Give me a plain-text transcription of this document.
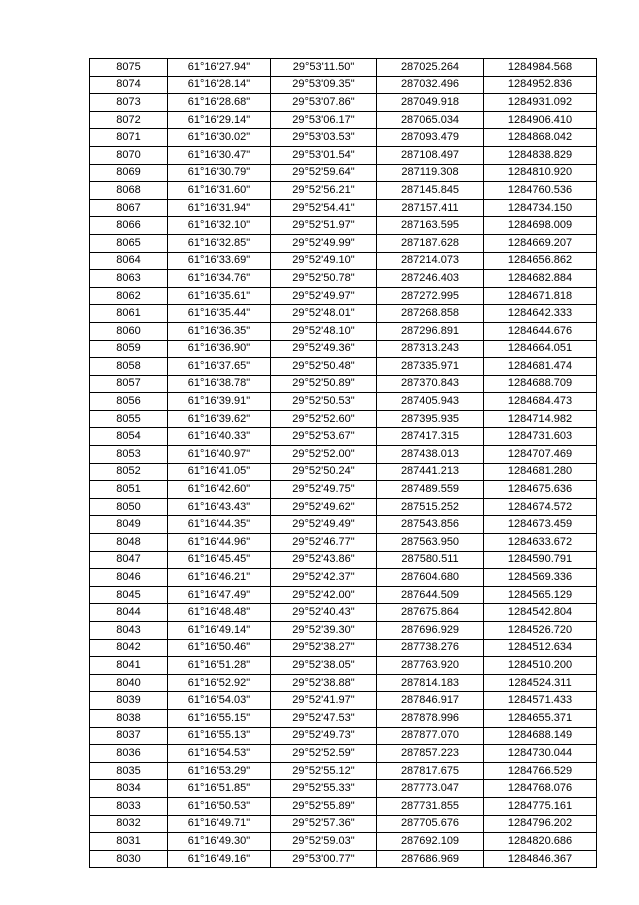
8075	61°16'27.94"	29°53'11.50"	287025.264	1284984.568
8074	61°16'28.14"	29°53'09.35"	287032.496	1284952.836
8073	61°16'28.68"	29°53'07.86"	287049.918	1284931.092
8072	61°16'29.14"	29°53'06.17"	287065.034	1284906.410
8071	61°16'30.02"	29°53'03.53"	287093.479	1284868.042
8070	61°16'30.47"	29°53'01.54"	287108.497	1284838.829
8069	61°16'30.79"	29°52'59.64"	287119.308	1284810.920
8068	61°16'31.60"	29°52'56.21"	287145.845	1284760.536
8067	61°16'31.94"	29°52'54.41"	287157.411	1284734.150
8066	61°16'32.10"	29°52'51.97"	287163.595	1284698.009
8065	61°16'32.85"	29°52'49.99"	287187.628	1284669.207
8064	61°16'33.69"	29°52'49.10"	287214.073	1284656.862
8063	61°16'34.76"	29°52'50.78"	287246.403	1284682.884
8062	61°16'35.61"	29°52'49.97"	287272.995	1284671.818
8061	61°16'35.44"	29°52'48.01"	287268.858	1284642.333
8060	61°16'36.35"	29°52'48.10"	287296.891	1284644.676
8059	61°16'36.90"	29°52'49.36"	287313.243	1284664.051
8058	61°16'37.65"	29°52'50.48"	287335.971	1284681.474
8057	61°16'38.78"	29°52'50.89"	287370.843	1284688.709
8056	61°16'39.91"	29°52'50.53"	287405.943	1284684.473
8055	61°16'39.62"	29°52'52.60"	287395.935	1284714.982
8054	61°16'40.33"	29°52'53.67"	287417.315	1284731.603
8053	61°16'40.97"	29°52'52.00"	287438.013	1284707.469
8052	61°16'41.05"	29°52'50.24"	287441.213	1284681.280
8051	61°16'42.60"	29°52'49.75"	287489.559	1284675.636
8050	61°16'43.43"	29°52'49.62"	287515.252	1284674.572
8049	61°16'44.35"	29°52'49.49"	287543.856	1284673.459
8048	61°16'44.96"	29°52'46.77"	287563.950	1284633.672
8047	61°16'45.45"	29°52'43.86"	287580.511	1284590.791
8046	61°16'46.21"	29°52'42.37"	287604.680	1284569.336
8045	61°16'47.49"	29°52'42.00"	287644.509	1284565.129
8044	61°16'48.48"	29°52'40.43"	287675.864	1284542.804
8043	61°16'49.14"	29°52'39.30"	287696.929	1284526.720
8042	61°16'50.46"	29°52'38.27"	287738.276	1284512.634
8041	61°16'51.28"	29°52'38.05"	287763.920	1284510.200
8040	61°16'52.92"	29°52'38.88"	287814.183	1284524.311
8039	61°16'54.03"	29°52'41.97"	287846.917	1284571.433
8038	61°16'55.15"	29°52'47.53"	287878.996	1284655.371
8037	61°16'55.13"	29°52'49.73"	287877.070	1284688.149
8036	61°16'54.53"	29°52'52.59"	287857.223	1284730.044
8035	61°16'53.29"	29°52'55.12"	287817.675	1284766.529
8034	61°16'51.85"	29°52'55.33"	287773.047	1284768.076
8033	61°16'50.53"	29°52'55.89"	287731.855	1284775.161
8032	61°16'49.71"	29°52'57.36"	287705.676	1284796.202
8031	61°16'49.30"	29°52'59.03"	287692.109	1284820.686
8030	61°16'49.16"	29°53'00.77"	287686.969	1284846.367
